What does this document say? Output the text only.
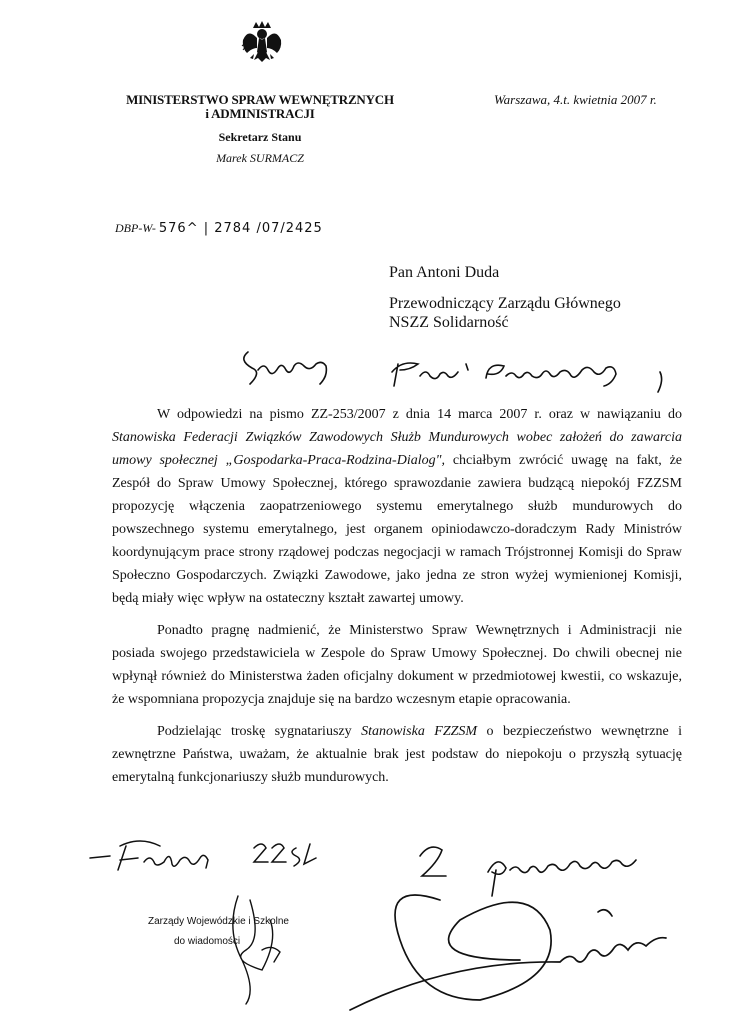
MINISTERSTWO SPRAW WEWNĘTRZNYCH
i ADMINISTRACJI
Sekretarz Stanu
Marek SURMACZ
Warszawa, 4.t. kwietnia 2007 r.
DBP-W- 576^ | 2784 /07/2425

Pan Antoni Duda

Przewodniczący Zarządu Głównego
NSZZ Solidarność

W odpowiedzi na pismo ZZ-253/2007 z dnia 14 marca 2007 r. oraz w nawiązaniu do Stanowiska Federacji Związków Zawodowych Służb Mundurowych wobec założeń do zawarcia umowy społecznej „Gospodarka-Praca-Rodzina-Dialog", chciałbym zwrócić uwagę na fakt, że Zespół do Spraw Umowy Społecznej, którego sprawozdanie zawiera budzącą niepokój FZZSM propozycję włączenia zaopatrzeniowego systemu emerytalnego służb mundurowych do powszechnego systemu emerytalnego, jest organem opiniodawczo-doradczym Rady Ministrów koordynującym prace strony rządowej podczas negocjacji w ramach Trójstronnej Komisji do Spraw Społeczno Gospodarczych. Związki Zawodowe, jako jedna ze stron wyżej wymienionej Komisji, będą miały więc wpływ na ostateczny kształt zawartej umowy.

Ponadto pragnę nadmienić, że Ministerstwo Spraw Wewnętrznych i Administracji nie posiada swojego przedstawiciela w Zespole do Spraw Umowy Społecznej. Do chwili obecnej nie wpłynął również do Ministerstwa żaden oficjalny dokument w przedmiotowej kwestii, co wskazuje, że wspomniana propozycja znajduje się na bardzo wczesnym etapie opracowania.

Podzielając troskę sygnatariuszy Stanowiska FZZSM o bezpieczeństwo wewnętrzne i zewnętrzne Państwa, uważam, że aktualnie brak jest podstaw do niepokoju o przyszłą sytuację emerytalną funkcjonariuszy służb mundurowych.

Zarządy Wojewódzkie i Szkolne
do wiadomości
